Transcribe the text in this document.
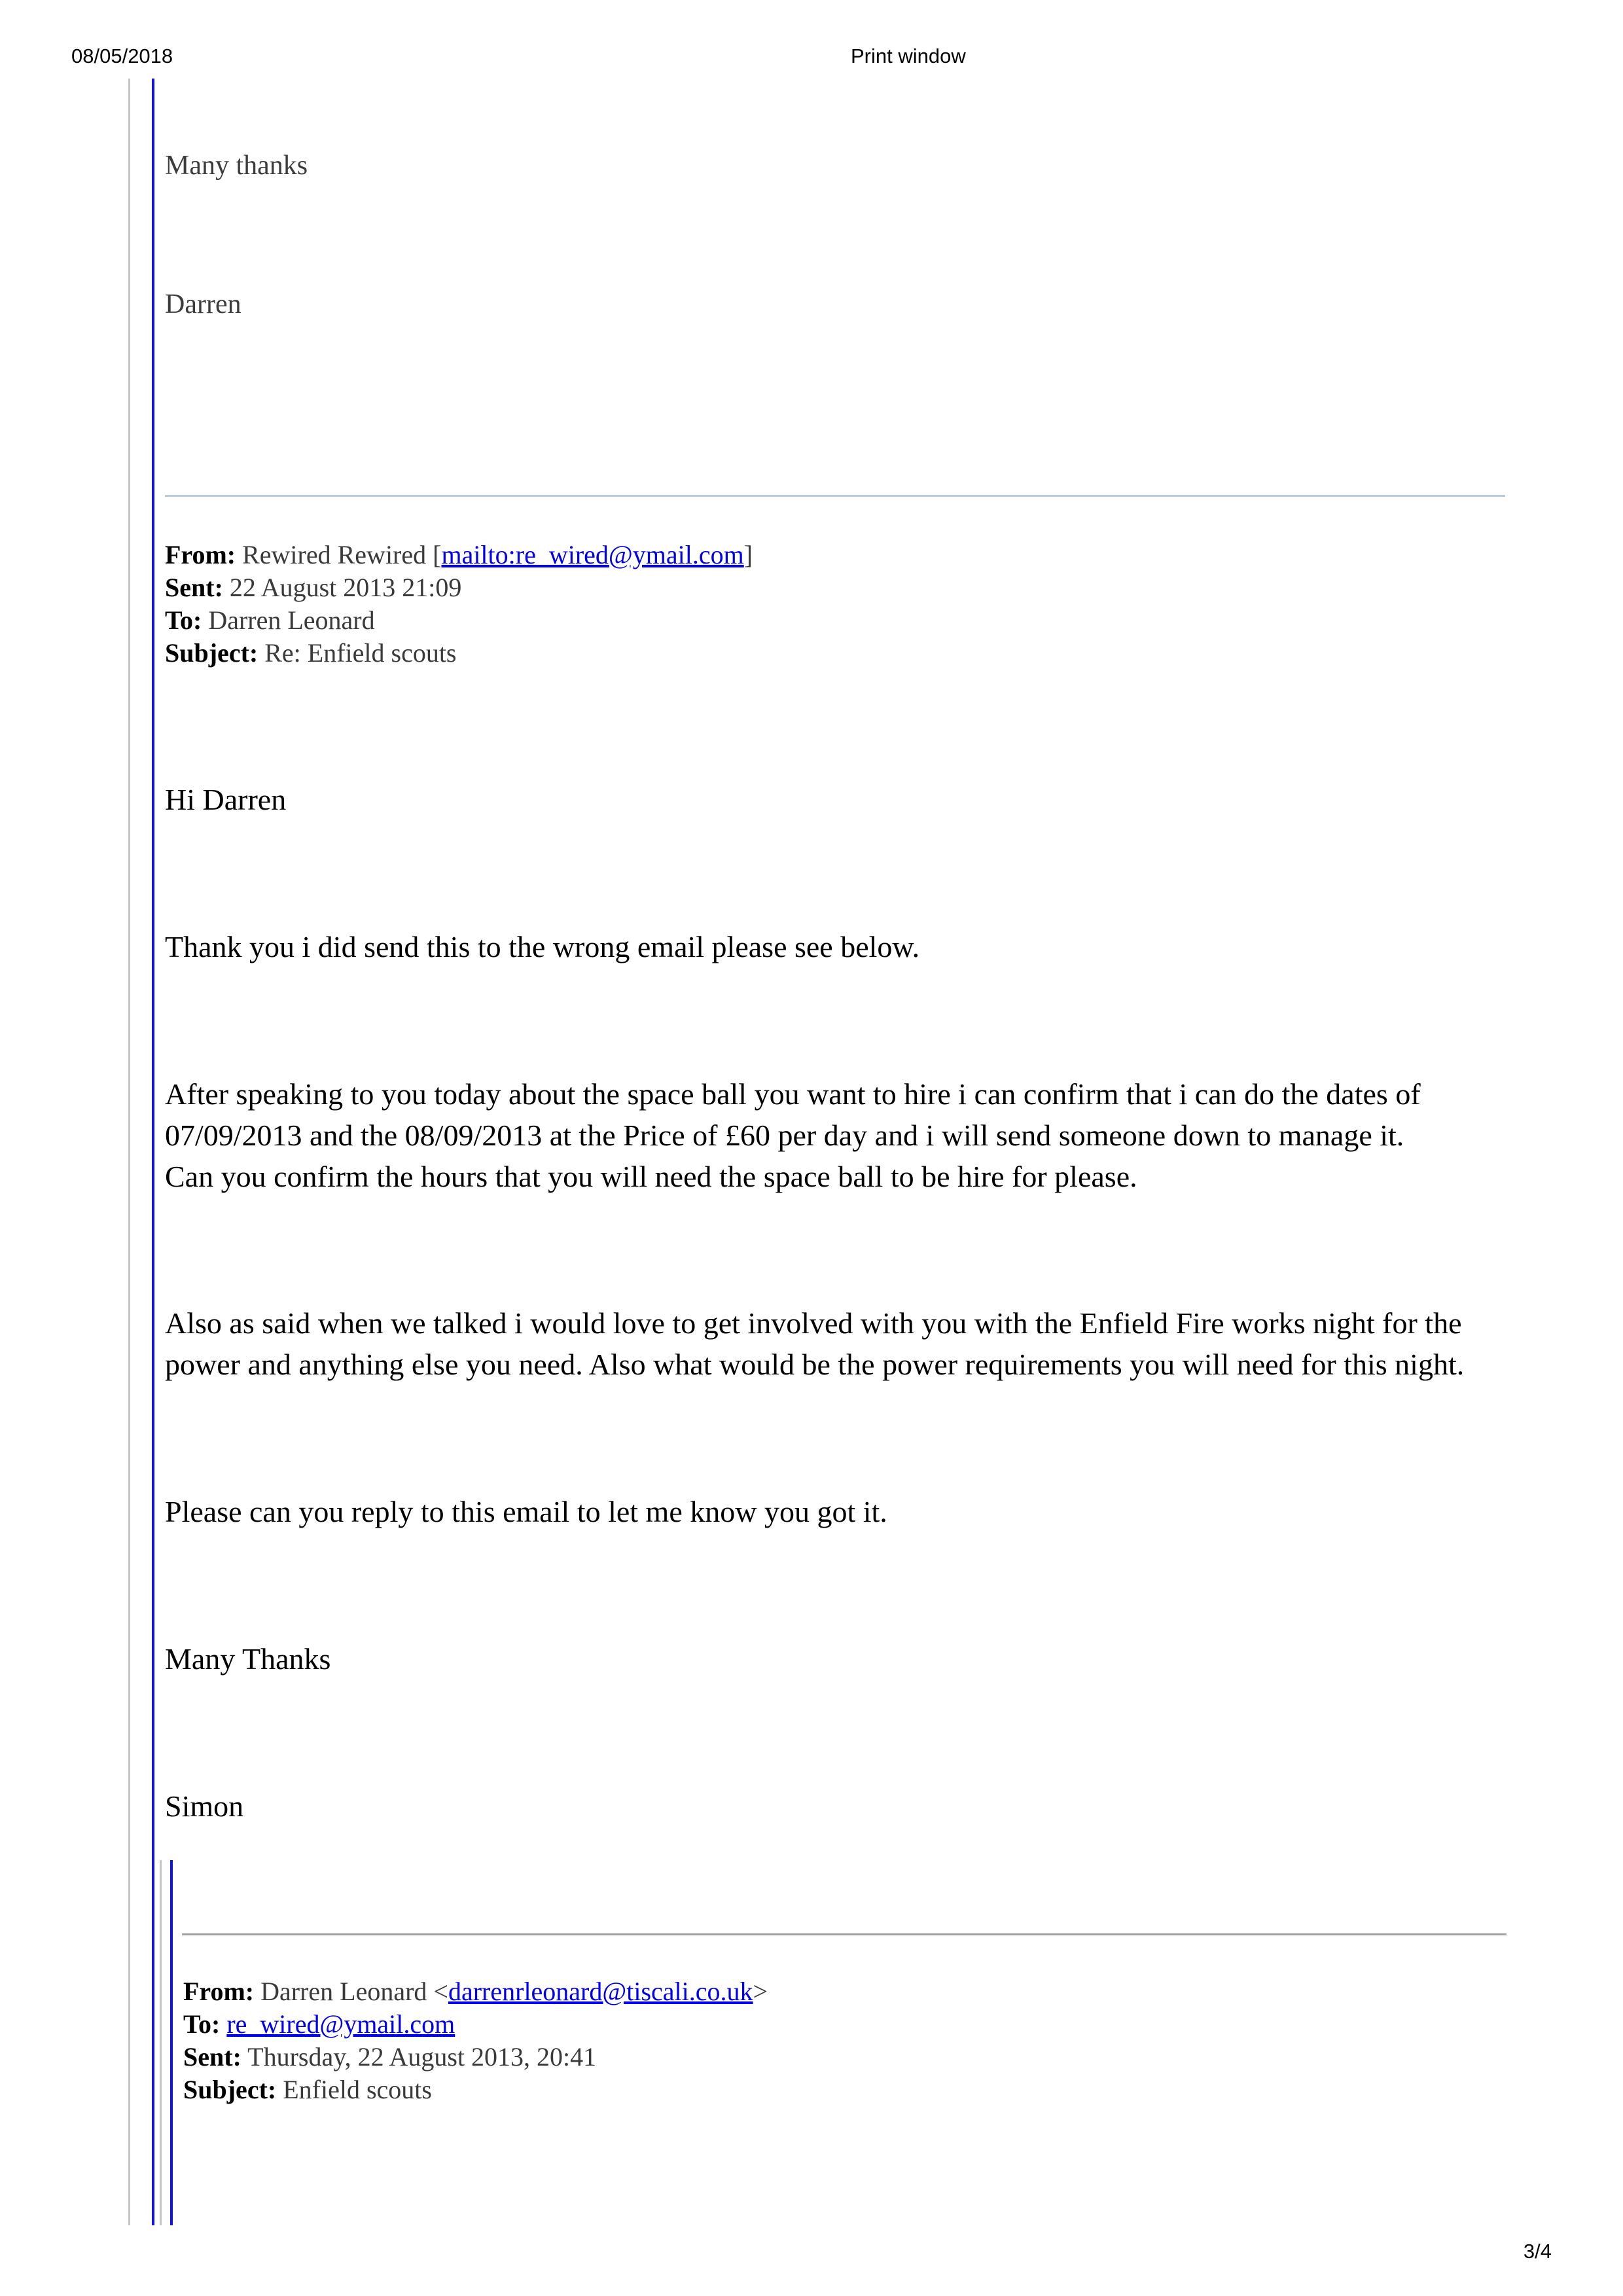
08/05/2018	Print window
Many thanks
Darren
From: Rewired Rewired [mailto:re_wired@ymail.com]
Sent: 22 August 2013 21:09
To: Darren Leonard
Subject: Re: Enfield scouts
Hi Darren
Thank you i did send this to the wrong email please see below.
After speaking to you today about the space ball you want to hire i can confirm that i can do the dates of
07/09/2013 and the 08/09/2013 at the Price of £60 per day and i will send someone down to manage it.
Can you confirm the hours that you will need the space ball to be hire for please.
Also as said when we talked i would love to get involved with you with the Enfield Fire works night for the
power and anything else you need. Also what would be the power requirements you will need for this night.
Please can you reply to this email to let me know you got it.
Many Thanks
Simon
From: Darren Leonard <darrenrleonard@tiscali.co.uk>
To: re_wired@ymail.com
Sent: Thursday, 22 August 2013, 20:41
Subject: Enfield scouts
3/4
